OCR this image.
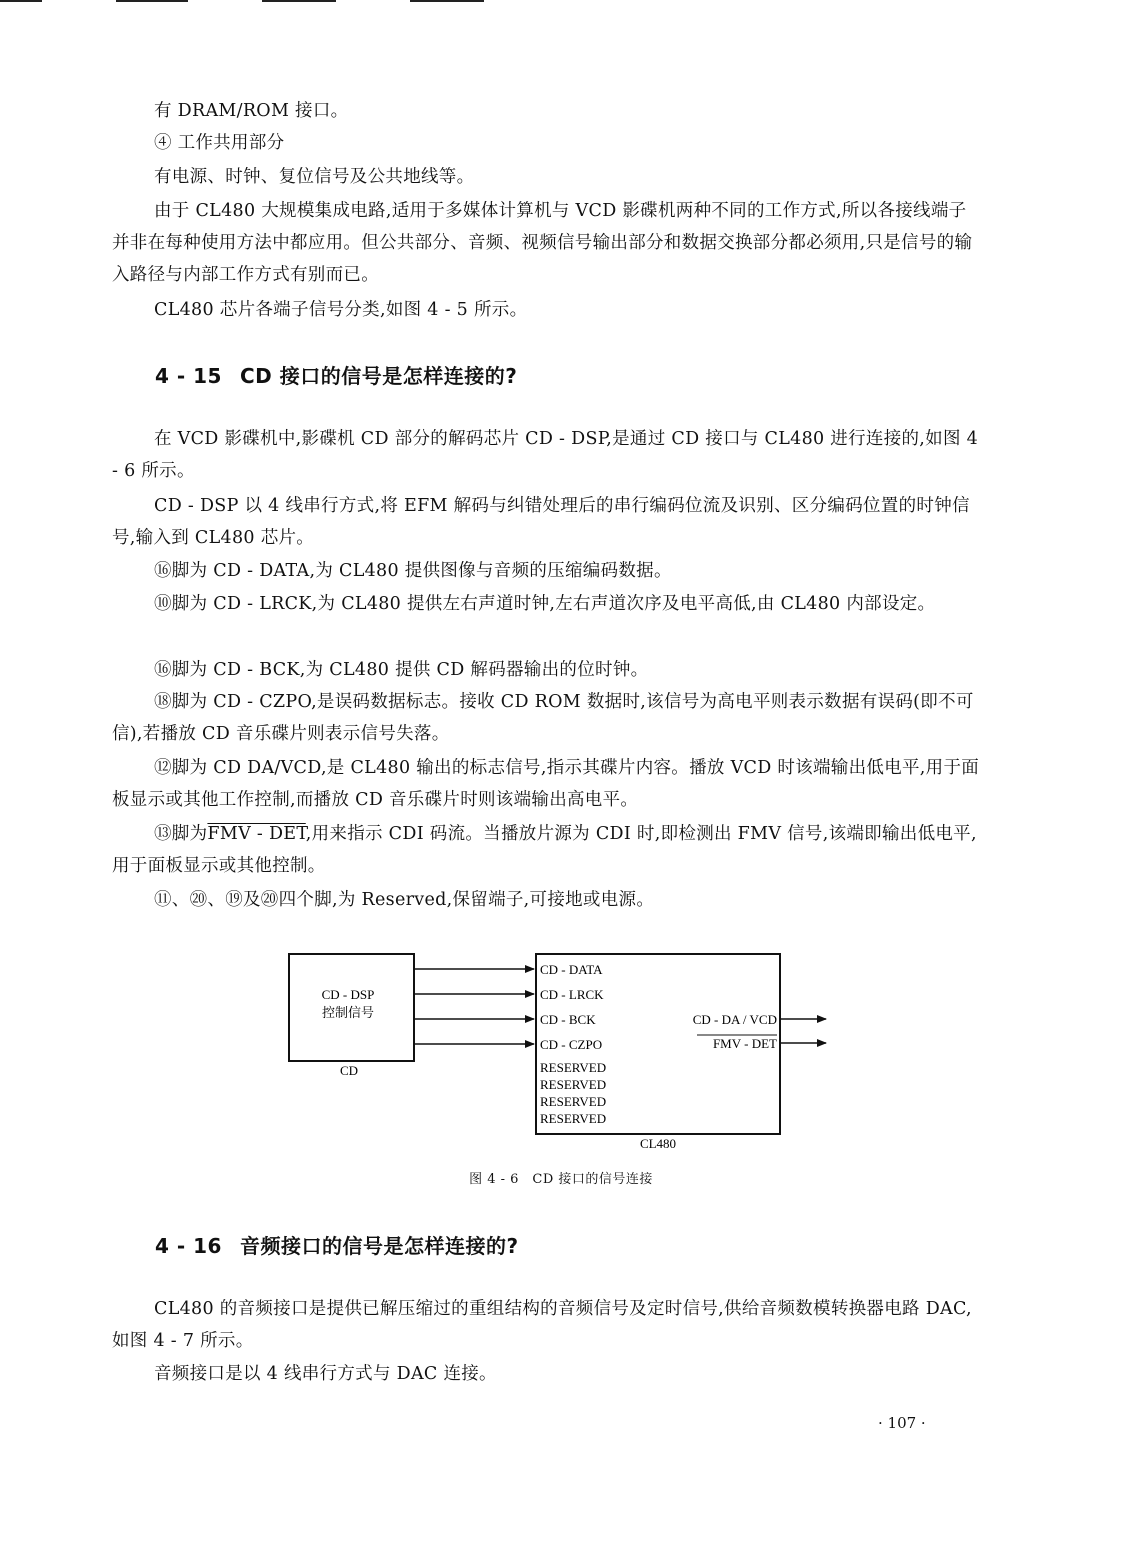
有 DRAM/ROM 接口。
④ 工作共用部分
有电源、时钟、复位信号及公共地线等。
由于 CL480 大规模集成电路,适用于多媒体计算机与 VCD 影碟机两种不同的工作方式,所以各接线端子并非在每种使用方法中都应用。但公共部分、音频、视频信号输出部分和数据交换部分都必须用,只是信号的输入路径与内部工作方式有别而已。
CL480 芯片各端子信号分类,如图 4 - 5 所示。
4 - 15 CD 接口的信号是怎样连接的?
在 VCD 影碟机中,影碟机 CD 部分的解码芯片 CD - DSP,是通过 CD 接口与 CL480 进行连接的,如图 4 - 6 所示。
CD - DSP 以 4 线串行方式,将 EFM 解码与纠错处理后的串行编码位流及识别、区分编码位置的时钟信号,输入到 CL480 芯片。
⑯脚为 CD - DATA,为 CL480 提供图像与音频的压缩编码数据。
⑩脚为 CD - LRCK,为 CL480 提供左右声道时钟,左右声道次序及电平高低,由 CL480 内部设定。
⑯脚为 CD - BCK,为 CL480 提供 CD 解码器输出的位时钟。
⑱脚为 CD - CZPO,是误码数据标志。接收 CD ROM 数据时,该信号为高电平则表示数据有误码(即不可信),若播放 CD 音乐碟片则表示信号失落。
⑫脚为 CD DA/VCD,是 CL480 输出的标志信号,指示其碟片内容。播放 VCD 时该端输出低电平,用于面板显示或其他工作控制,而播放 CD 音乐碟片时则该端输出高电平。
⑬脚为FMV - DET,用来指示 CDI 码流。当播放片源为 CDI 时,即检测出 FMV 信号,该端即输出低电平,用于面板显示或其他控制。
⑪、⑳、⑲及⑳四个脚,为 Reserved,保留端子,可接地或电源。
CD - DSP
控制信号
CD
CL480
CD - DATA
CD - LRCK
CD - BCK
CD - CZPO
RESERVED
RESERVED
RESERVED
RESERVED
CD - DA / VCD
FMV - DET
图 4 - 6　CD 接口的信号连接
4 - 16 音频接口的信号是怎样连接的?
CL480 的音频接口是提供已解压缩过的重组结构的音频信号及定时信号,供给音频数模转换器电路 DAC,如图 4 - 7 所示。
音频接口是以 4 线串行方式与 DAC 连接。
· 107 ·
